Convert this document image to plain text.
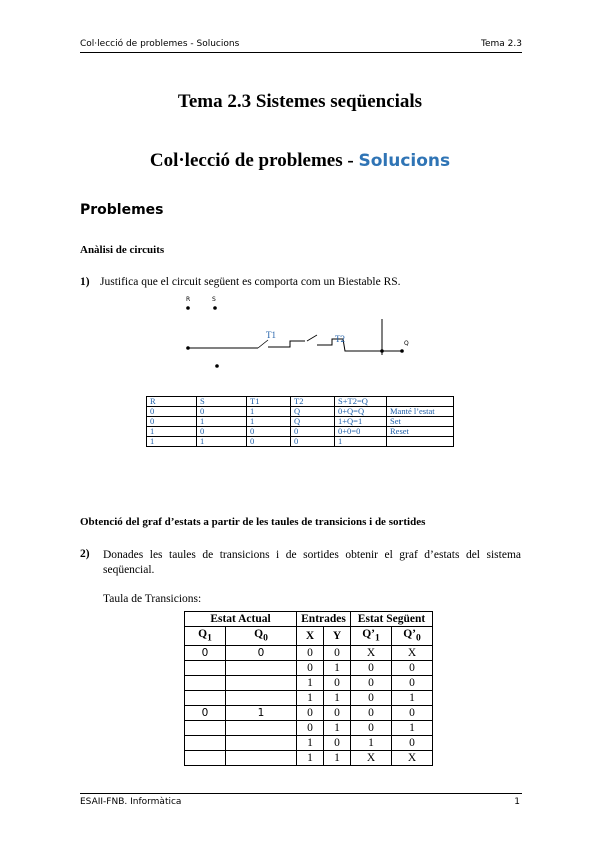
Col·lecció de problemes - Solucions	Tema 2.3
Tema 2.3 Sistemes seqüencials
Col·lecció de problemes - Solucions
Problemes
Anàlisi de circuits
1) Justifica que el circuit següent es comporta com un Biestable RS.
R	S
T1	T2	Q
R	S	T1	T2	S+T2=Q	
0	0	1	Q	0+Q=Q	Manté l’estat
0	1	1	Q	1+Q=1	Set
1	0	0	0	0+0=0	Reset
1	1	0	0	1	
Obtenció del graf d’estats a partir de les taules de transicions i de sortides
2) Donades les taules de transicions i de sortides obtenir el graf d’estats del sistema seqüencial.
Taula de Transicions:
Estat Actual		Entrades		Estat Següent	
$Q_1$	$Q_0$	X	Y	$Q’_1$	$Q’_0$
0	0	0	0	X	X
		0	1	0	0
		1	0	0	0
		1	1	0	1
0	1	0	0	0	0
		0	1	0	1
		1	0	1	0
		1	1	X	X
ESAII-FNB. Informàtica	1
